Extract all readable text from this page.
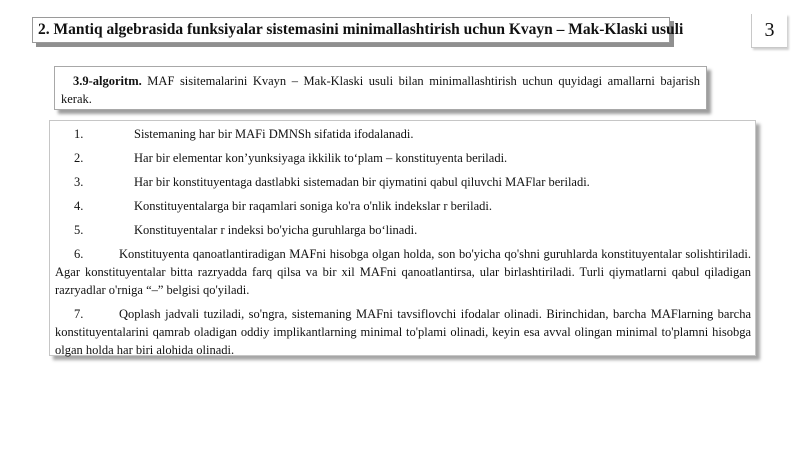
2. Mantiq algebrasida funksiyalar sistemasini minimallashtirish uchun Kvayn – Mak-Klaski usuli	3

3.9-algoritm. MAF sisitemalarini Kvayn – Mak-Klaski usuli bilan minimallashtirish uchun quyidagi amallarni bajarish kerak.

1.	Sistemaning har bir MAFi DMNSh sifatida ifodalanadi.

2.	Har bir elementar kon’yunksiyaga ikkilik to‘plam – konstituyenta beriladi.

3.	Har bir konstituyentaga dastlabki sistemadan bir qiymatini qabul qiluvchi MAFlar beriladi.

4.	Konstituyentalarga bir raqamlari soniga ko'ra o'nlik indekslar r beriladi.

5.	Konstituyentalar r indeksi bo'yicha guruhlarga bo‘linadi.

6.	Konstituyenta qanoatlantiradigan MAFni hisobga olgan holda, son bo'yicha qo'shni guruhlarda konstituyentalar solishtiriladi. Agar konstituyentalar bitta razryadda farq qilsa va bir xil MAFni qanoatlantirsa, ular birlashtiriladi. Turli qiymatlarni qabul qiladigan razryadlar o'rniga “–” belgisi qo'yiladi.

7.	Qoplash jadvali tuziladi, so'ngra, sistemaning MAFni tavsiflovchi ifodalar olinadi. Birinchidan, barcha MAFlarning barcha konstituyentalarini qamrab oladigan oddiy implikantlarning minimal to'plami olinadi, keyin esa avval olingan minimal to'plamni hisobga olgan holda har biri alohida olinadi.
